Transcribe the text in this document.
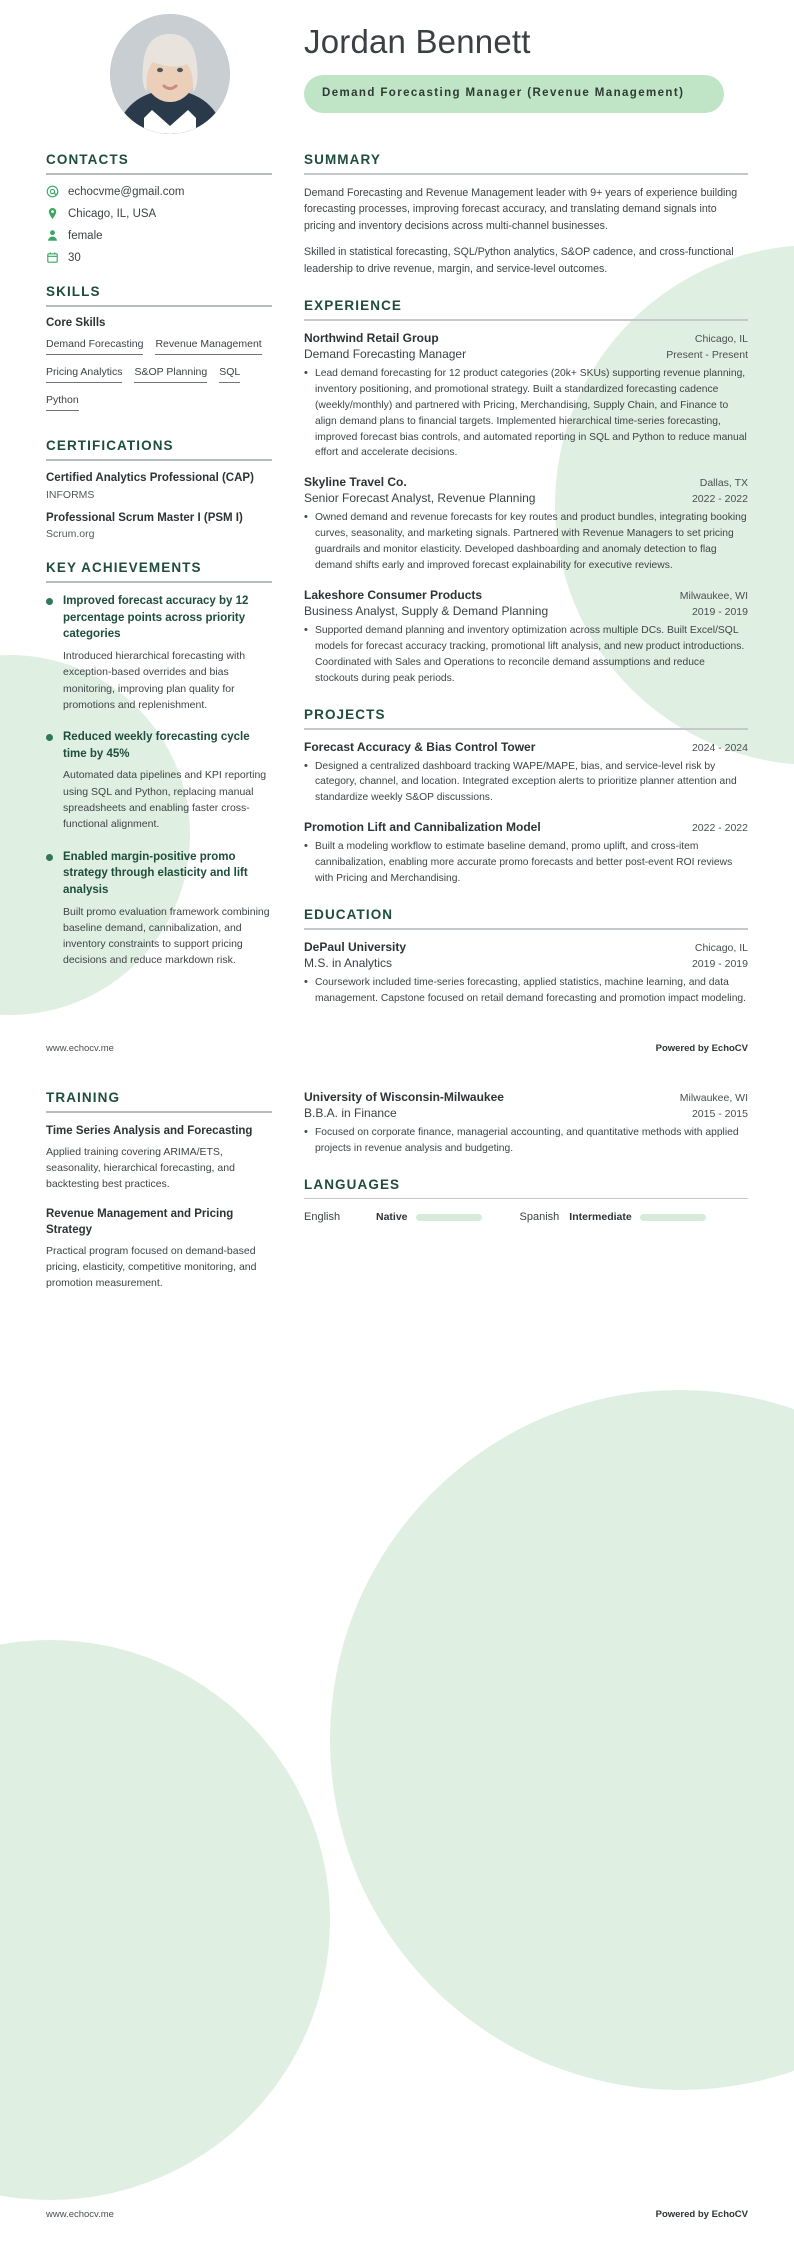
Jordan Bennett
Demand Forecasting Manager (Revenue Management)
CONTACTS
echocvme@gmail.com
Chicago, IL, USA
female
30
SKILLS
Core Skills
Demand Forecasting Revenue Management
Pricing Analytics S&OP Planning SQL
Python
CERTIFICATIONS
Certified Analytics Professional (CAP)
INFORMS
Professional Scrum Master I (PSM I)
Scrum.org
KEY ACHIEVEMENTS
Improved forecast accuracy by 12 percentage points across priority categories
Introduced hierarchical forecasting with exception-based overrides and bias monitoring, improving plan quality for promotions and replenishment.
Reduced weekly forecasting cycle time by 45%
Automated data pipelines and KPI reporting using SQL and Python, replacing manual spreadsheets and enabling faster cross-functional alignment.
Enabled margin-positive promo strategy through elasticity and lift analysis
Built promo evaluation framework combining baseline demand, cannibalization, and inventory constraints to support pricing decisions and reduce markdown risk.
SUMMARY

Demand Forecasting and Revenue Management leader with 9+ years of experience building forecasting processes, improving forecast accuracy, and translating demand signals into pricing and inventory decisions across multi-channel businesses.

Skilled in statistical forecasting, SQL/Python analytics, S&OP cadence, and cross-functional leadership to drive revenue, margin, and service-level outcomes.

EXPERIENCE
Northwind Retail Group	Chicago, IL
Demand Forecasting Manager	Present - Present
• Lead demand forecasting for 12 product categories (20k+ SKUs) supporting revenue planning, inventory positioning, and promotional strategy. Built a standardized forecasting cadence (weekly/monthly) and partnered with Pricing, Merchandising, Supply Chain, and Finance to align demand plans to financial targets. Implemented hierarchical time-series forecasting, improved forecast bias controls, and automated reporting in SQL and Python to reduce manual effort and accelerate decisions.
Skyline Travel Co.	Dallas, TX
Senior Forecast Analyst, Revenue Planning	2022 - 2022
• Owned demand and revenue forecasts for key routes and product bundles, integrating booking curves, seasonality, and marketing signals. Partnered with Revenue Managers to set pricing guardrails and monitor elasticity. Developed dashboarding and anomaly detection to flag demand shifts early and improved forecast explainability for executive reviews.
Lakeshore Consumer Products	Milwaukee, WI
Business Analyst, Supply & Demand Planning	2019 - 2019
• Supported demand planning and inventory optimization across multiple DCs. Built Excel/SQL models for forecast accuracy tracking, promotional lift analysis, and new product introductions. Coordinated with Sales and Operations to reconcile demand assumptions and reduce stockouts during peak periods.
PROJECTS
Forecast Accuracy & Bias Control Tower	2024 - 2024
• Designed a centralized dashboard tracking WAPE/MAPE, bias, and service-level risk by category, channel, and location. Integrated exception alerts to prioritize planner attention and standardize weekly S&OP discussions.
Promotion Lift and Cannibalization Model	2022 - 2022
• Built a modeling workflow to estimate baseline demand, promo uplift, and cross-item cannibalization, enabling more accurate promo forecasts and better post-event ROI reviews with Pricing and Merchandising.
EDUCATION
DePaul University	Chicago, IL
M.S. in Analytics	2019 - 2019
• Coursework included time-series forecasting, applied statistics, machine learning, and data management. Capstone focused on retail demand forecasting and promotion impact modeling.
www.echocv.me	Powered by EchoCV
TRAINING
Time Series Analysis and Forecasting
Applied training covering ARIMA/ETS, seasonality, hierarchical forecasting, and backtesting best practices.
Revenue Management and Pricing Strategy
Practical program focused on demand-based pricing, elasticity, competitive monitoring, and promotion measurement.
University of Wisconsin-Milwaukee	Milwaukee, WI
B.B.A. in Finance	2015 - 2015
• Focused on corporate finance, managerial accounting, and quantitative methods with applied projects in revenue analysis and budgeting.
LANGUAGES
English	Native	Spanish Intermediate
www.echocv.me	Powered by EchoCV
